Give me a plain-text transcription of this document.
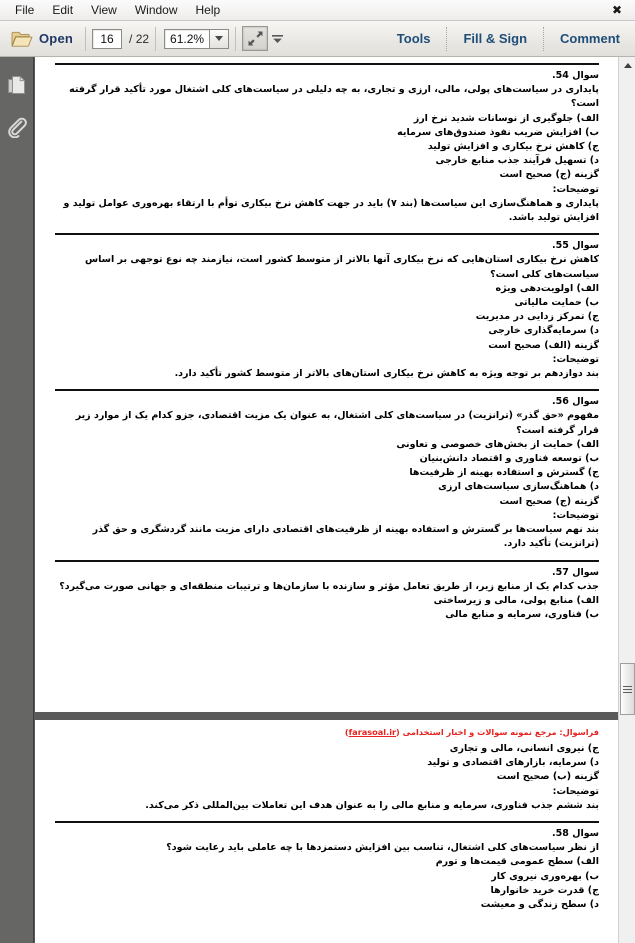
File	Edit	View	Window	Help	✖
Open	16	/ 22	61.2%	Tools	Fill & Sign	Comment
سوال 54.
پایداری در سیاست‌های پولی، مالی، ارزی و تجاری، به چه دلیلی در سیاست‌های کلی اشتغال مورد تأکید قرار گرفته است؟
الف) جلوگیری از نوسانات شدید نرخ ارز
ب) افزایش ضریب نفوذ صندوق‌های سرمایه
ج) کاهش نرخ بیکاری و افزایش تولید
د) تسهیل فرآیند جذب منابع خارجی
گزینه (ج) صحیح است
توضیحات:
پایداری و هماهنگ‌سازی این سیاست‌ها (بند ۷) باید در جهت کاهش نرخ بیکاری توأم با ارتقاء بهره‌وری عوامل تولید و افزایش تولید باشد.
سوال 55.
کاهش نرخ بیکاری استان‌هایی که نرخ بیکاری آنها بالاتر از متوسط کشور است، نیازمند چه نوع توجهی بر اساس سیاست‌های کلی است؟
الف) اولویت‌دهی ویژه
ب) حمایت مالیاتی
ج) تمرکز زدایی در مدیریت
د) سرمایه‌گذاری خارجی
گزینه (الف) صحیح است
توضیحات:
بند دوازدهم بر توجه ویژه به کاهش نرخ بیکاری استان‌های بالاتر از متوسط کشور تأکید دارد.
سوال 56.
مفهوم «حق گذر» (ترانزیت) در سیاست‌های کلی اشتغال، به عنوان یک مزیت اقتصادی، جزو کدام یک از موارد زیر قرار گرفته است؟
الف) حمایت از بخش‌های خصوصی و تعاونی
ب) توسعه فناوری و اقتصاد دانش‌بنیان
ج) گسترش و استفاده بهینه از ظرفیت‌ها
د) هماهنگ‌سازی سیاست‌های ارزی
گزینه (ج) صحیح است
توضیحات:
بند نهم سیاست‌ها بر گسترش و استفاده بهینه از ظرفیت‌های اقتصادی دارای مزیت مانند گردشگری و حق گذر (ترانزیت) تأکید دارد.
سوال 57.
جذب کدام یک از منابع زیر، از طریق تعامل مؤثر و سازنده با سازمان‌ها و ترتیبات منطقه‌ای و جهانی صورت می‌گیرد؟
الف) منابع پولی، مالی و زیرساختی
ب) فناوری، سرمایه و منابع مالی
فراسوال: مرجع نمونه سوالات و اخبار استخدامی (farasoal.ir)
ج) نیروی انسانی، مالی و تجاری
د) سرمایه، بازارهای اقتصادی و تولید
گزینه (ب) صحیح است
توضیحات:
بند ششم جذب فناوری، سرمایه و منابع مالی را به عنوان هدف این تعاملات بین‌المللی ذکر می‌کند.
سوال 58.
از نظر سیاست‌های کلی اشتغال، تناسب بین افزایش دستمزدها با چه عاملی باید رعایت شود؟
الف) سطح عمومی قیمت‌ها و تورم
ب) بهره‌وری نیروی کار
ج) قدرت خرید خانوارها
د) سطح زندگی و معیشت
